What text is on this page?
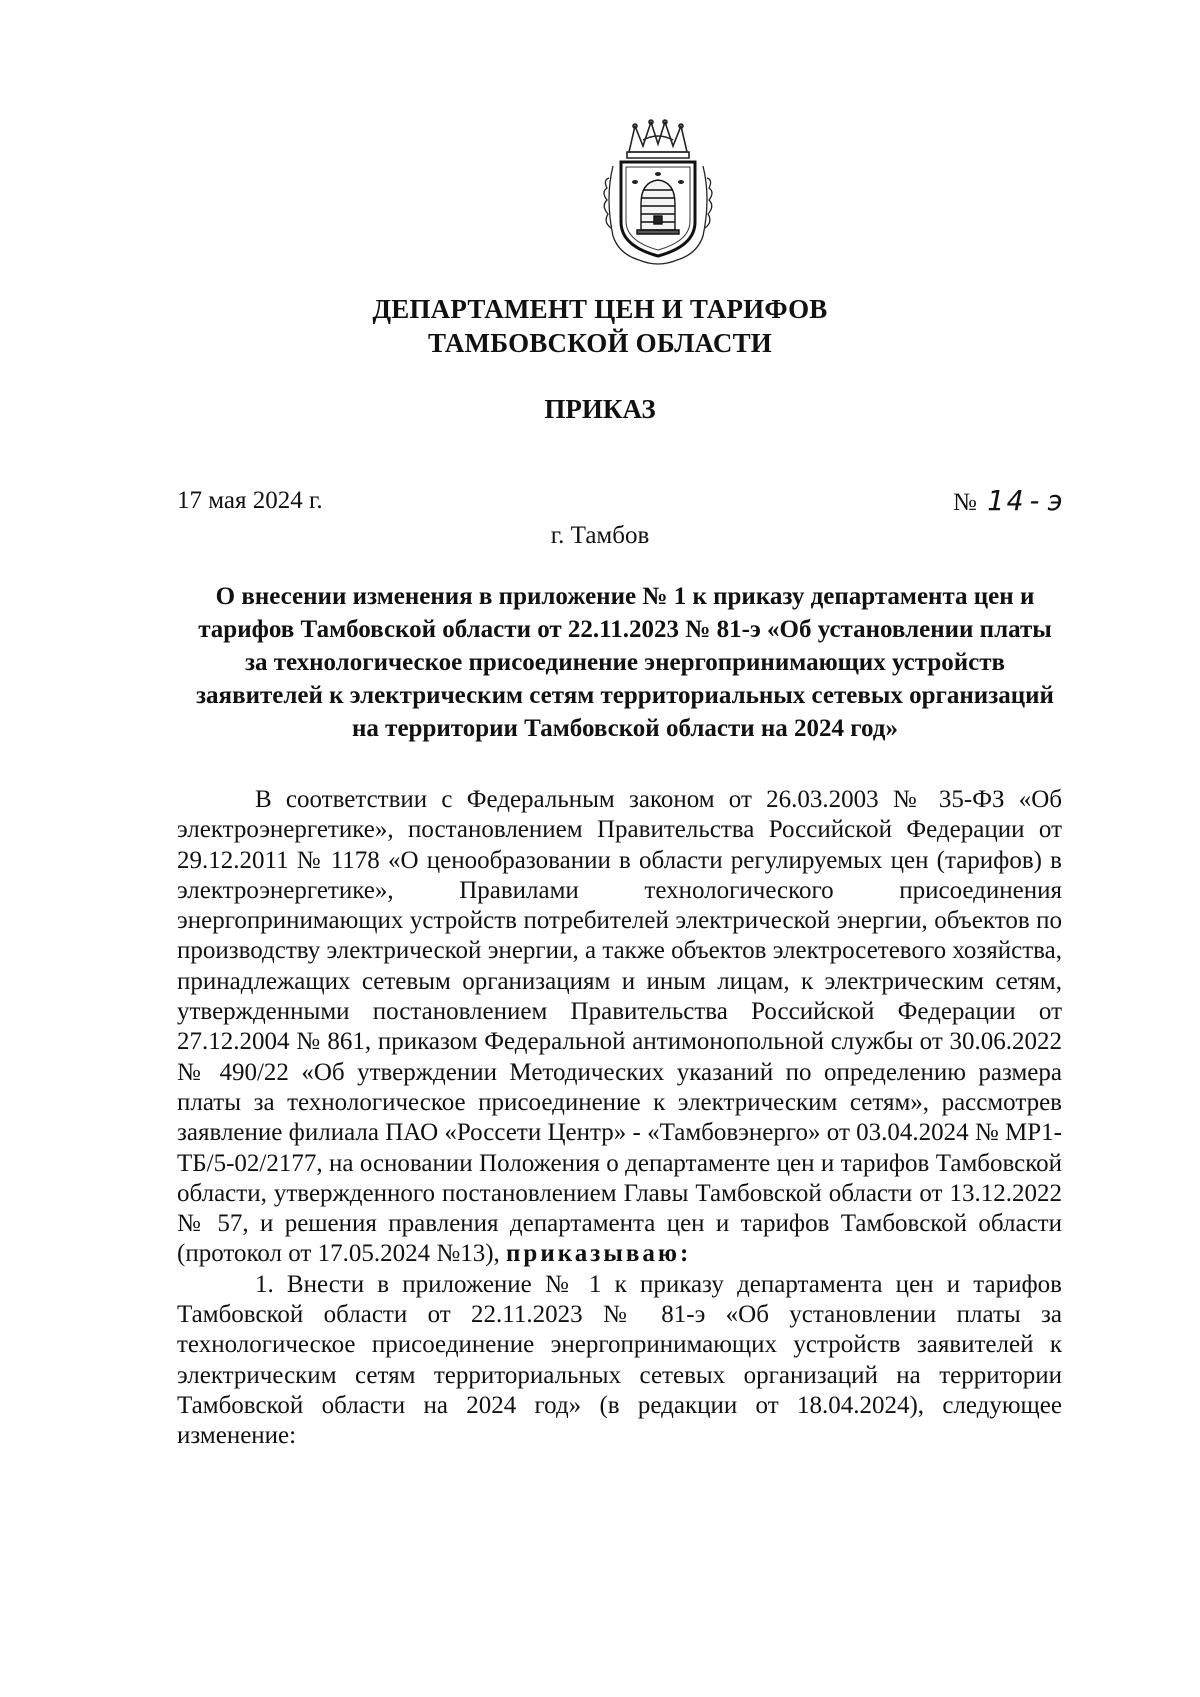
ДЕПАРТАМЕНТ ЦЕН И ТАРИФОВ
ТАМБОВСКОЙ ОБЛАСТИ
ПРИКАЗ
17 мая 2024 г.	№ 14-э
г. Тамбов
О внесении изменения в приложение № 1 к приказу департамента цен и тарифов Тамбовской области от 22.11.2023 № 81-э «Об установлении платы за технологическое присоединение энергопринимающих устройств заявителей к электрическим сетям территориальных сетевых организаций на территории Тамбовской области на 2024 год»

В соответствии с Федеральным законом от 26.03.2003 № 35-ФЗ «Об электроэнергетике», постановлением Правительства Российской Федерации от 29.12.2011 № 1178 «О ценообразовании в области регулируемых цен (тарифов) в электроэнергетике», Правилами технологического присоединения энергопринимающих устройств потребителей электрической энергии, объектов по производству электрической энергии, а также объектов электросетевого хозяйства, принадлежащих сетевым организациям и иным лицам, к электрическим сетям, утвержденными постановлением Правительства Российской Федерации от 27.12.2004 № 861, приказом Федеральной антимонопольной службы от 30.06.2022 № 490/22 «Об утверждении Методических указаний по определению размера платы за технологическое присоединение к электрическим сетям», рассмотрев заявление филиала ПАО «Россети Центр» - «Тамбовэнерго» от 03.04.2024 № МР1-ТБ/5-02/2177, на основании Положения о департаменте цен и тарифов Тамбовской области, утвержденного постановлением Главы Тамбовской области от 13.12.2022 № 57, и решения правления департамента цен и тарифов Тамбовской области (протокол от 17.05.2024 №13), приказываю:

1. Внести в приложение № 1 к приказу департамента цен и тарифов Тамбовской области от 22.11.2023 № 81-э «Об установлении платы за технологическое присоединение энергопринимающих устройств заявителей к электрическим сетям территориальных сетевых организаций на территории Тамбовской области на 2024 год» (в редакции от 18.04.2024), следующее изменение:
